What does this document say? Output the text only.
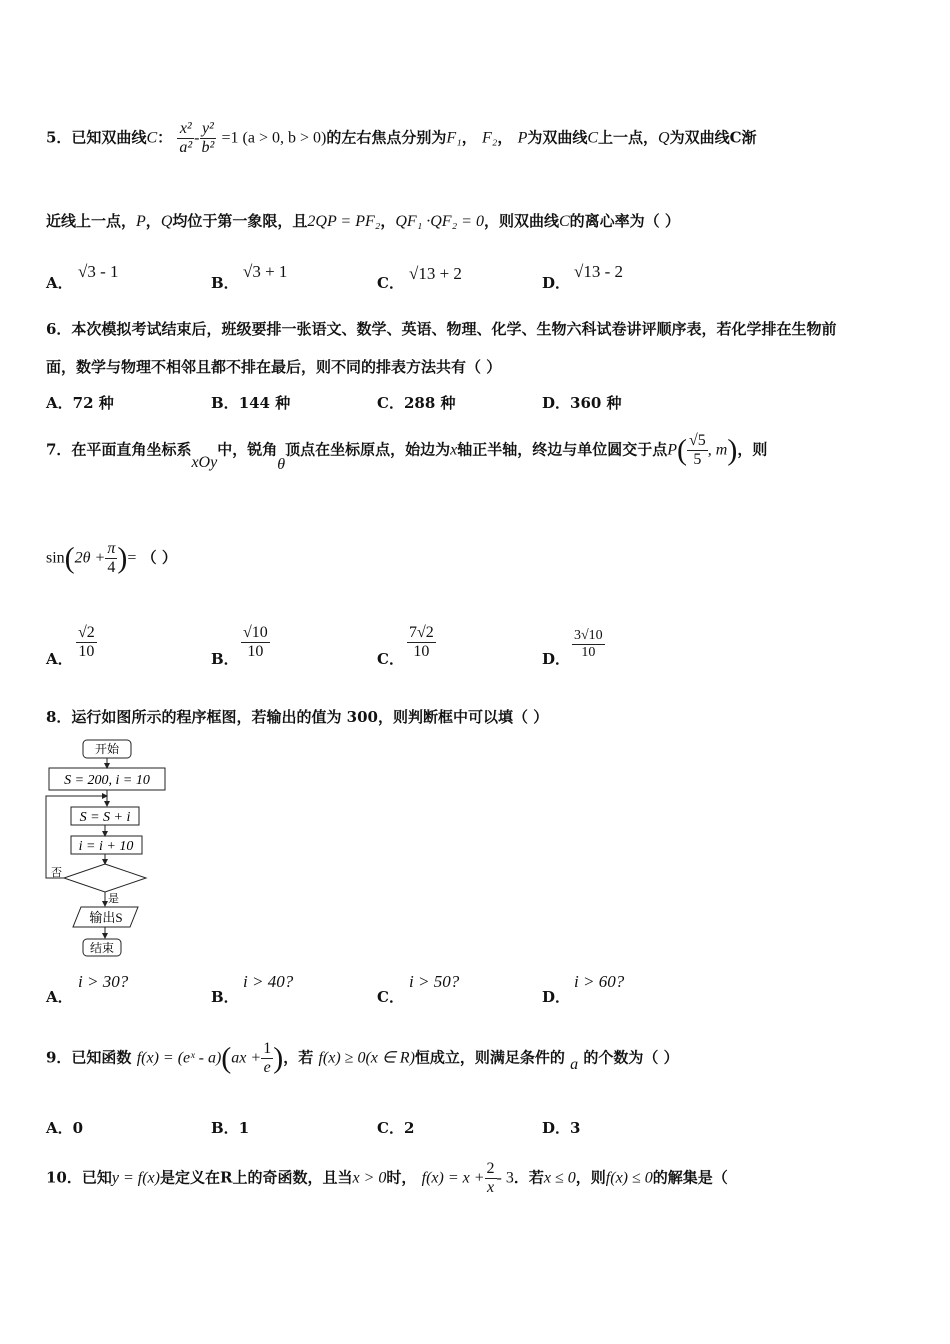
5．已知双曲线C： $\frac{\text{x²}}{\text{a²}} - \frac{\text{y²}}{\text{b²}} =1$ (a > 0, b > 0)的左右焦点分别为F₁， F₂， P为双曲线C上一点，Q为双曲线C渐
近线上一点，P，Q均位于第一象限，且2QP = PF₂，QF₁ ·QF₂ = 0，则双曲线C的离心率为（ ）
A．
√3 - 1
B．
√3 + 1
C． √13 + 2	D．
√13 - 2
6．本次模拟考试结束后，班级要排一张语文、数学、英语、物理、化学、生物六科试卷讲评顺序表，若化学排在生物前
面，数学与物理不相邻且都不排在最后，则不同的排表方法共有（ ）
A．72 种	B．144 种	C．288 种	D．360 种
7．在平面直角坐标系xOy中，锐角θ顶点在坐标原点，始边为x轴正半轴，终边与单位圆交于点$P( \frac{√5}{5}$ , m)，则
$\sin(2\theta + \frac{\pi}{4}$ )= （ ）
A． $\frac{√2}{10}$	B． $\frac{√10}{10}$	C． $\frac{7√2}{10}$	D． $\frac{3√10}{10}$
8．运行如图所示的程序框图，若输出的值为 300，则判断框中可以填（ ）
开始
S = 200, i = 10
S = S + i
i = i + 10
否
是
输出S
结束
A．
i > 30?
B．
i > 40?
C．
i > 50?
D．
i > 60?
9．已知函数 f(x) = (eˣ - $a)(ax + \frac{1}{e}$ )，若 f(x) ≥ 0(x ∈ R)恒成立，则满足条件的 a 的个数为（ ）
A．0	B．1	C．2	D．3
10．已知y = f(x)是定义在R上的奇函数，且当x > 0时， $f(x) = x + \frac{2}{x} - 3$．若x ≤ 0，则f(x) ≤ 0的解集是（
